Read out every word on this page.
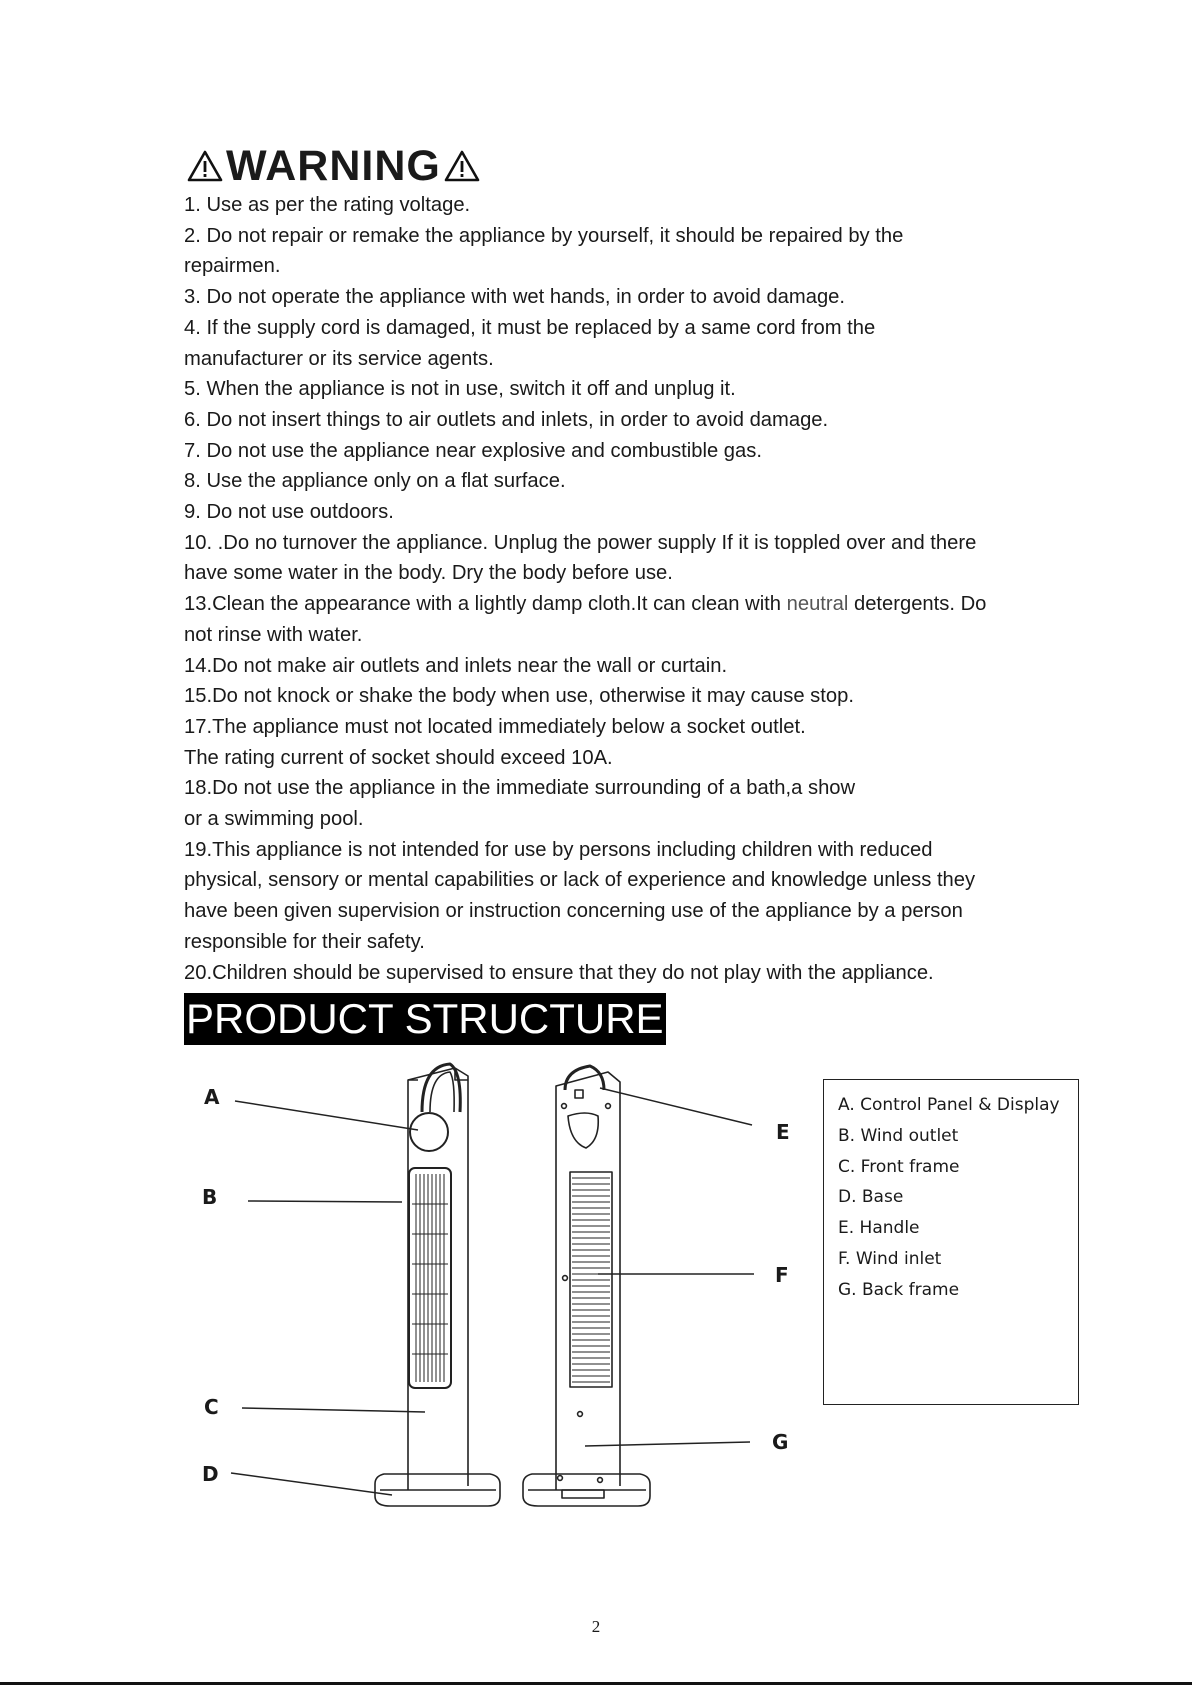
WARNING

1. Use as per the rating voltage.

2. Do not repair or remake the appliance by yourself, it should be repaired by the

repairmen.

3. Do not operate the appliance with wet hands, in order to avoid damage.

4. If the supply cord is damaged, it must be replaced by a same cord from the

manufacturer or its service agents.

5. When the appliance is not in use, switch it off and unplug it.

6. Do not insert things to air outlets and inlets, in order to avoid damage.

7. Do not use the appliance near explosive and combustible gas.

8. Use the appliance only on a flat surface.

9. Do not use outdoors.

10. .Do no turnover the appliance. Unplug the power supply If it is toppled over and there

have some water in the body. Dry the body before use.

13.Clean the appearance with a lightly damp cloth.It can clean with neutral detergents. Do

not rinse with water.

14.Do not make air outlets and inlets near the wall or curtain.

15.Do not knock or shake the body when use, otherwise it may cause stop.

17.The appliance must not located immediately below a socket outlet.

The rating current of socket should exceed 10A.

18.Do not use the appliance in the immediate surrounding of a bath,a show

or a swimming pool.

19.This appliance is not intended for use by persons including children with reduced

physical, sensory or mental capabilities or lack of experience and knowledge unless they

have been given supervision or instruction concerning use of the appliance by a person

responsible for their safety.

20.Children should be supervised to ensure that they do not play with the appliance.

PRODUCT STRUCTURE
A
B
C
D
E
F
G
A. Control Panel & Display
B. Wind outlet
C. Front frame
D. Base
E. Handle
F. Wind inlet
G. Back frame
2
